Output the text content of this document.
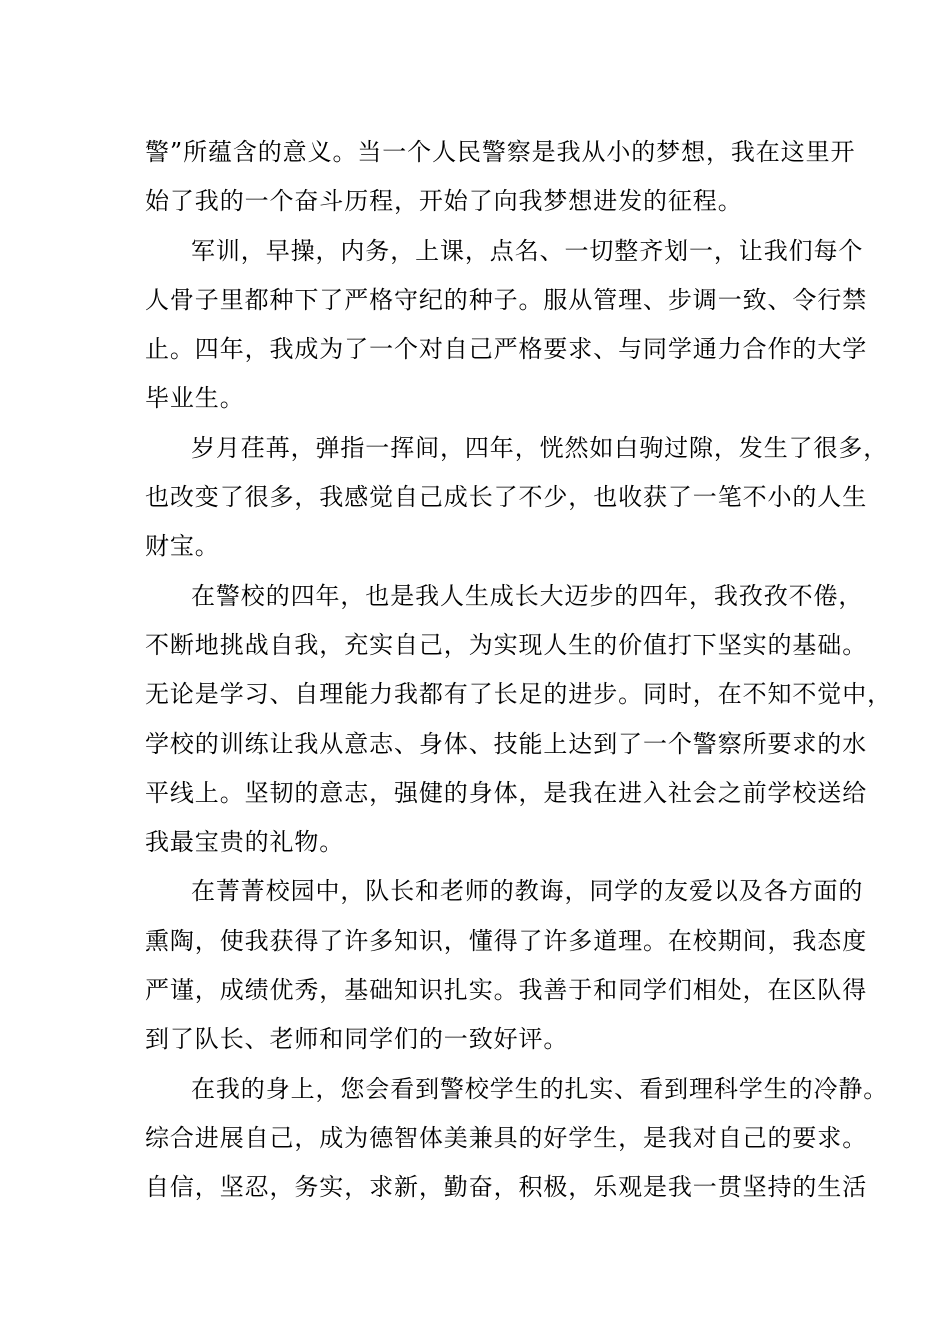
警”所蕴含的意义。当一个人民警察是我从小的梦想，我在这里开
始了我的一个奋斗历程，开始了向我梦想进发的征程。
军训，早操，内务，上课，点名、一切整齐划一，让我们每个
人骨子里都种下了严格守纪的种子。服从管理、步调一致、令行禁
止。四年，我成为了一个对自己严格要求、与同学通力合作的大学
毕业生。
岁月荏苒，弹指一挥间，四年，恍然如白驹过隙，发生了很多，
也改变了很多，我感觉自己成长了不少，也收获了一笔不小的人生
财宝。
在警校的四年，也是我人生成长大迈步的四年，我孜孜不倦，
不断地挑战自我，充实自己，为实现人生的价值打下坚实的基础。
无论是学习、自理能力我都有了长足的进步。同时，在不知不觉中，
学校的训练让我从意志、身体、技能上达到了一个警察所要求的水
平线上。坚韧的意志，强健的身体，是我在进入社会之前学校送给
我最宝贵的礼物。
在菁菁校园中，队长和老师的教诲，同学的友爱以及各方面的
熏陶，使我获得了许多知识，懂得了许多道理。在校期间，我态度
严谨，成绩优秀，基础知识扎实。我善于和同学们相处，在区队得
到了队长、老师和同学们的一致好评。
在我的身上，您会看到警校学生的扎实、看到理科学生的冷静。
综合进展自己，成为德智体美兼具的好学生，是我对自己的要求。
自信，坚忍，务实，求新，勤奋，积极，乐观是我一贯坚持的生活
